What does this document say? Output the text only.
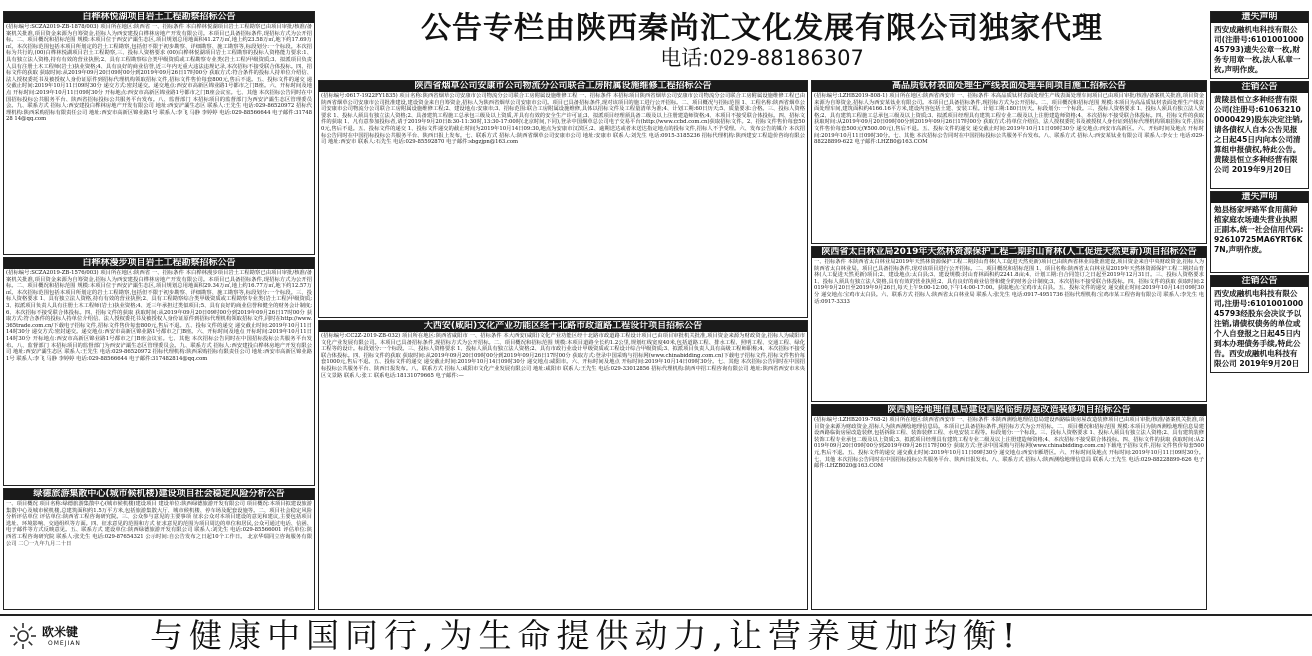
白桦林悦湖项目岩土工程勘察招标公告
(招标编号:SCZA2019-ZB-1878/003) 项目所在地区:陕西省 一、招标条件 本白桦林悦湖项目岩土工程勘察已由项目审批/核准/备案机关批准,项目资金来源为自筹资金,招标人为西安建投白桦林房地产开发有限公司。本项目已具备招标条件,现招标方式为公开招标。二、项目概况和招标范围 规模:本项目位于西安浐灞生态区,项目规划总用地面积41.27万㎡,地上约23.58万㎡,地下约17.69万㎡。本次招标范围包括本项目所划定的岩土工程勘察,包括但不限于初步勘察、详细勘察、施工勘察等,标段划分:一个标段。本次招标为共行的,(00)白桦林悦湖项目岩土工程勘察,三、投标人资格要求 (00)白桦林悦湖项目岩土工程勘察的投标人资格能力要求:1、具有独立法人资格,持有有效的营业执照;2、具有工程勘察综合类甲级资质或工程勘察专业类(岩土工程)甲级资质;3、拟派项目负责人具有注册土木工程师(岩土)执业资格;4、具有良好的商业信誉,近三年内无重大违法违规记录,本次招标不接受联合体投标。四、招标文件的获取 获取时间:从2019年09月20日09时00分到2019年09月26日17时00分 获取方式:符合条件的投标人持单位介绍信、法人授权委托书及被授权人身份证原件到招标代理机构领取招标文件,招标文件售价每套800元,售后不退。五、投标文件的递交 递交截止时间:2019年10月11日09时30分 递交方式:密封递交。递交地点:西安市高新区锦业路1号都市之门B座。六、开标时间及地点 开标时间:2019年10月11日09时30分 开标地点:西安市高新区锦业路1号都市之门B座会议室。七、其他 本次招标公告同时在中国招标投标公共服务平台、陕西省招标投标公共服务平台发布。八、监督部门 本招标项目的监督部门为西安浐灞生态区管理委员会。九、联系方式 招标人:西安建投白桦林房地产开发有限公司 地址:西安浐灞生态区 联系人:王先生 电话:029-86520972 招标代理机构:陕西采购招标有限责任公司 地址:西安市高新区锦业路1号 联系人:李飞 马静 李婷婷 电话:029-88566644 电子邮件:3174828 14@qq.com
白桦林漫步项目岩土工程勘察招标公告
(招标编号:SCZA2019-ZB-1576/003) 项目所在地区:陕西省 一、招标条件 本白桦林漫步项目岩土工程勘察已由项目审批/核准/备案机关批准,项目资金来源为自筹资金,招标人为西安建投白桦林房地产开发有限公司。本项目已具备招标条件,现招标方式为公开招标。二、项目概况和招标范围 规模:本项目位于西安浐灞生态区,项目规划总用地面积29.34万㎡,地上约16.77万㎡,地下约12.57万㎡。本次招标范围包括本项目所划定的岩土工程勘察,包括但不限于初步勘察、详细勘察、施工勘察等,标段划分:一个标段。三、投标人资格要求 1、具有独立法人资格,持有有效的营业执照;2、具有工程勘察综合类甲级资质或工程勘察专业类(岩土工程)甲级资质;3、拟派项目负责人具有注册土木工程师(岩土)执业资格;4、近三年承担过类似项目;5、具有良好的商业信誉和健全的财务会计制度;6、本次招标不接受联合体投标。四、招标文件的获取 获取时间:从2019年09月20日09时00分到2019年09月26日17时00分 获取方式:符合条件的投标人持单位介绍信、法人授权委托书及被授权人身份证原件到招标代理机构领取招标文件,同时在http://www.365trade.com.cn/下载电子招标文件,招标文件售价每套800元,售后不退。五、投标文件的递交 递交截止时间:2019年10月11日14时30分 递交方式:密封递交。递交地点:西安市高新区锦业路1号都市之门B座。六、开标时间及地点 开标时间:2019年10月11日14时30分 开标地点:西安市高新区锦业路1号都市之门B座会议室。七、其他 本次招标公告同时在中国招标投标公共服务平台发布。八、监督部门 本招标项目的监督部门为西安浐灞生态区管理委员会。九、联系方式 招标人:西安建投白桦林房地产开发有限公司 地址:西安浐灞生态区 联系人:王先生 电话:029-86520972 招标代理机构:陕西采购招标有限责任公司 地址:西安市高新区锦业路1号 联系人:李飞 马静 李婷婷 电话:029-88566644 电子邮件:317482814@qq.com
绿德旅游集散中心(城市候机楼)建设项目社会稳定风险分析公告
一、项目概况 项目名称:绿德旅游集散中心(城市候机楼)建设项目 建设单位:陕西绿德旅游开发有限公司 项目概况:本项目拟建设旅游集散中心及城市候机楼,总建筑面积约1.5万平方米,包括旅游集散大厅、城市候机楼、停车场及配套设施等。二、项目社会稳定风险分析评估单位 评估单位:陕西省工程咨询研究院。三、公众参与意见的主要事项 征求公众对本项目建设的意见和建议,主要包括项目选址、环境影响、交通组织等方面。四、征求意见的范围和方式 征求意见的范围为项目周边的单位和居民,公众可通过电话、信函、电子邮件等方式反映意见。五、联系方式 建设单位:陕西绿德旅游开发有限公司 联系人:刘先生 电话:029-85566001 评估单位:陕西省工程咨询研究院 联系人:张先生 电话:029-87654321 公示时间:自公告发布之日起10个工作日。 北京华瑞同立咨询服务有限公司 二〇一九年九月二十日
公告专栏由陕西秦尚汇文化发展有限公司独家代理
电话:029-88186307
陕西省烟草公司安康市公司物流分公司联合工房附属设施维修工程招标公告
(招标编号:0617-1922FY1835) 项目名称:陕西省烟草公司安康市公司物流分公司联合工房附属设施维修工程 一、招标条件 本招标项目陕西省烟草公司安康市公司物流分公司联合工房附属设施维修工程已由陕西省烟草公司安康市公司批准建设,建设资金来自自筹资金,招标人为陕西省烟草公司安康市公司。项目已具备招标条件,现对该项目的施工进行公开招标。二、项目概况与招标范围 1、工程名称:陕西省烟草公司安康市公司物流分公司联合工房附属设施维修工程;2、建设地点:安康市;3、招标范围:联合工房附属设施维修,具体以招标文件及工程量清单为准;4、计划工期:60日历天;5、质量要求:合格。三、投标人资格要求 1、投标人须具有独立法人资格;2、具备建筑工程施工总承包三级及以上资质,并具有有效的安全生产许可证;3、拟派项目经理须具备二级及以上注册建造师资格;4、本项目不接受联合体投标。四、招标文件的获取 1、凡有意参加投标者,请于2019年9月20日8:30-11:30时,13:30-17:00时(北京时间,下同),登录中国烟草总公司电子交易平台(http://www.ccbd.com.cn)获取招标文件。2、招标文件售价每套500元,售后不退。五、投标文件的递交 1、投标文件递交的截止时间为2019年10月14日09:30,地点为安康市汉滨区;2、逾期送达或者未送达指定地点的投标文件,招标人不予受理。六、发布公告的媒介 本次招标公告同时在中国招标投标公共服务平台、陕西日报上发布。七、联系方式 招标人:陕西省烟草公司安康市公司 地址:安康市 联系人:刘先生 电话:0915-3185236 招标代理机构:陕西建安工程造价咨询有限公司 地址:西安市 联系人:石先生 电话:029-85592870 电子邮件:sbgzjpn@163.com
大西安(咸阳)文化产业功能区经十北路市政道路工程设计项目招标公告
(招标编号:CC2Z-2019-ZB-032) 项目所在地区:陕西省咸阳市 一、招标条件 本大西安(咸阳)文化产业功能区经十北路市政道路工程设计项目已由项目审批机关批准,项目资金来源为财政资金,招标人为咸阳市文化产业发展有限公司。本项目已具备招标条件,现招标方式为公开招标。二、项目概况和招标范围 规模:本项目道路全长约1.2公里,规划红线宽度40米,包括道路工程、排水工程、照明工程、交通工程、绿化工程等的设计。标段划分:一个标段。三、投标人资格要求 1、投标人须具有独立法人资格;2、具有市政行业设计甲级资质或工程设计综合甲级资质;3、拟派项目负责人具有高级工程师职称;4、本次招标不接受联合体投标。四、招标文件的获取 获取时间:从2019年09月20日09时00分到2019年09月26日17时00分 获取方式:登录中国采购与招标网(www.chinabidding.com.cn)下载电子招标文件,招标文件售价每套1000元,售后不退。五、投标文件的递交 递交截止时间:2019年10月14日09时30分 递交地点:咸阳市。六、开标时间及地点 开标时间:2019年10月14日09时30分。七、其他 本次招标公告同时在中国招标投标公共服务平台、陕西日报发布。八、联系方式 招标人:咸阳市文化产业发展有限公司 地址:咸阳市 联系人:王先生 电话:029-33012856 招标代理机构:陕西中招工程咨询有限公司 地址:陕西省西安市未央区文景路 联系人:张工 联系电话:18131079665 电子邮件:—
高品质钛材表面处理生产线表面处理车间项目施工招标公告
(招标编号:LZHB2019-808-1) 项目所在地区:陕西省西安市 一、招标条件 本高品质钛材表面处理生产线表面处理车间项目已由项目审批/核准/备案机关批准,项目资金来源为自筹资金,招标人为西安某钛业有限公司。本项目已具备招标条件,现招标方式为公开招标。二、项目概况和招标范围 规模:本项目为高品质钛材表面处理生产线表面处理车间,建筑面积约4166.16平方米,建设内容包括土建、安装工程。计划工期:180日历天。标段划分:一个标段。三、投标人资格要求 1、投标人须具有独立法人资格;2、具有建筑工程施工总承包三级及以上资质;3、拟派项目经理具有建筑工程专业二级及以上注册建造师资格;4、本次招标不接受联合体投标。四、招标文件的获取 获取时间:从2019年09月20日09时00分到2019年09月26日17时00分 获取方式:持单位介绍信、法人授权委托书及被授权人身份证到招标代理机构领取招标文件,招标文件售价每套500元(¥500.00元),售后不退。五、投标文件的递交 递交截止时间:2019年10月11日09时30分 递交地点:西安市高新区。六、开标时间及地点 开标时间:2019年10月11日09时30分。七、其他 本次招标公告同时在中国招标投标公共服务平台发布。八、联系方式 招标人:西安某钛业有限公司 联系人:李女士 电话:029-88228899-622 电子邮件:LHZB0@163.COM
陕西省太白林业局2019年天然林资源保护工程二期封山育林(人工促进天然更新)项目招标公告
一、招标条件 本陕西省太白林业局2019年天然林资源保护工程二期封山育林(人工促进天然更新)项目已由陕西省林业局批准建设,项目资金来自中央财政资金,招标人为陕西省太白林业局。项目已具备招标条件,现对该项目进行公开招标。二、项目概况和招标范围 1、项目名称:陕西省太白林业局2019年天然林资源保护工程二期封山育林(人工促进天然更新)项目;2、建设地点:太白县;3、建设规模:封山育林面积约2241.8亩;4、计划工期:自合同签订之日起至2019年12月31日。三、投标人资格要求 1、投标人须具有独立法人资格,具有有效的营业执照;2、具有良好的商业信誉和健全的财务会计制度;3、本次招标不接受联合体投标。四、招标文件的获取 获取时间:2019年9月20日至2019年9月26日,每天上午9:00-12:00,下午14:00-17:00。获取地点:宝鸡市太白县。五、投标文件的递交 递交截止时间:2019年10月14日09时30分 递交地点:宝鸡市太白县。六、联系方式 招标人:陕西省太白林业局 联系人:张先生 电话:0917-4951736 招标代理机构:宝鸡市某工程咨询有限公司 联系人:李先生 电话:0917-3333
陕西测绘地理信息局建设西路临街房屋改造装修项目招标公告
(招标编号:LZHB2019-768-2) 项目所在地区:陕西省西安市 一、招标条件 本陕西测绘地理信息局建设西路临街房屋改造装修项目已由项目审批/核准/备案机关批准,项目资金来源为财政资金,招标人为陕西测绘地理信息局。本项目已具备招标条件,现招标方式为公开招标。二、项目概况和招标范围 规模:本项目为陕西测绘地理信息局建设西路临街房屋改造装修,包括拆除工程、装饰装修工程、水电安装工程等。标段划分:一个标段。三、投标人资格要求 1、投标人须具有独立法人资格;2、具有建筑装修装饰工程专业承包二级及以上资质;3、拟派项目经理具有建筑工程专业二级及以上注册建造师资格;4、本次招标不接受联合体投标。四、招标文件的获取 获取时间:从2019年09月20日09时00分到2019年09月26日17时00分 获取方式:登录中国采购与招标网(www.chinabidding.com.cn)下载电子招标文件,招标文件售价每套500元,售后不退。五、投标文件的递交 递交截止时间:2019年10月11日09时30分 递交地点:西安市雁塔区。六、开标时间及地点 开标时间:2019年10月11日09时30分。七、其他 本次招标公告同时在中国招标投标公共服务平台、陕西日报发布。八、联系方式 招标人:陕西测绘地理信息局 联系人:王先生 电话:029-88228899-626 电子邮件:LHZB020@163.COM
遗失声明
西安成融机电科技有限公司(注册号:610100100045793)遗失公章一枚,财务专用章一枚,法人私章一枚,声明作废。
注销公告
黄陵县恒立多种经营有限公司(注册号:610632100000429)股东决定注销,请各债权人自本公告见报之日起45日内向本公司清算组申报债权,特此公告。 黄陵县恒立多种经营有限公司 2019年9月20日
遗失声明
勉县杨家坪路军食用菌种植家庭农场遗失营业执照正副本,统一社会信用代码:92610725MA6YRT6K7N,声明作废。
注销公告
西安成融机电科技有限公司,注册号:610100100045793经股东会决议予以注销,请债权债务的单位或个人自登报之日起45日内到本办理债务手续,特此公告。西安成融机电科技有限公司 2019年9月20日
欧米键
OMEJIAN 与健康中国同行,为生命提供动力,让营养更加均衡!
